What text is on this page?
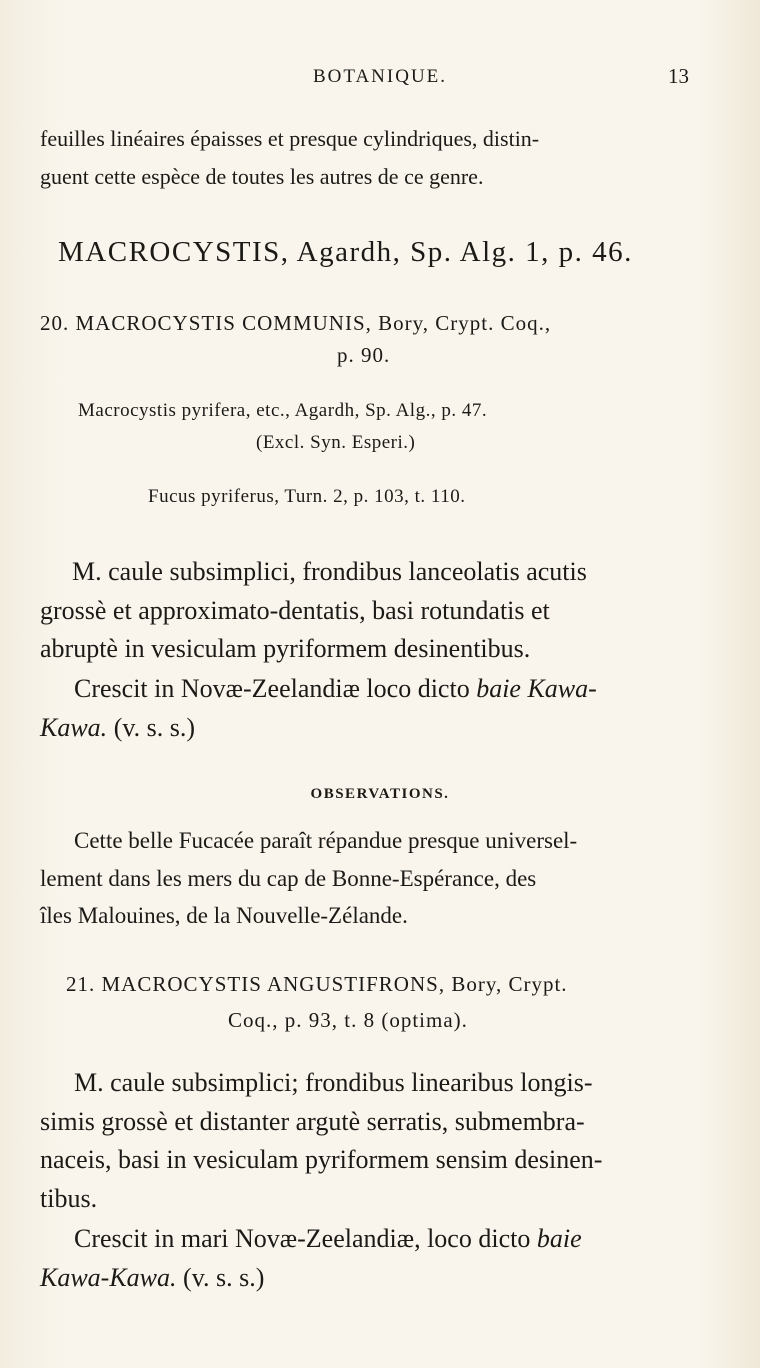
BOTANIQUE.	13
feuilles linéaires épaisses et presque cylindriques, distin-
guent cette espèce de toutes les autres de ce genre.
MACROCYSTIS, Agardh, Sp. Alg. 1, p. 46.
20. MACROCYSTIS COMMUNIS, Bory, Crypt. Coq.,
p. 90.
Macrocystis pyrifera, etc., Agardh, Sp. Alg., p. 47.
(Excl. Syn. Esperi.)
Fucus pyriferus, Turn. 2, p. 103, t. 110.
M. caule subsimplici, frondibus lanceolatis acutis
grossè et approximato-dentatis, basi rotundatis et
abruptè in vesiculam pyriformem desinentibus.
Crescit in Novæ-Zeelandiæ loco dicto baie Kawa-
Kawa. (v. s. s.)
OBSERVATIONS.
Cette belle Fucacée paraît répandue presque universel-
lement dans les mers du cap de Bonne-Espérance, des
îles Malouines, de la Nouvelle-Zélande.
21. MACROCYSTIS ANGUSTIFRONS, Bory, Crypt.
Coq., p. 93, t. 8 (optima).
M. caule subsimplici; frondibus linearibus longis-
simis grossè et distanter argutè serratis, submembra-
naceis, basi in vesiculam pyriformem sensim desinen-
tibus.
Crescit in mari Novæ-Zeelandiæ, loco dicto baie
Kawa-Kawa. (v. s. s.)
